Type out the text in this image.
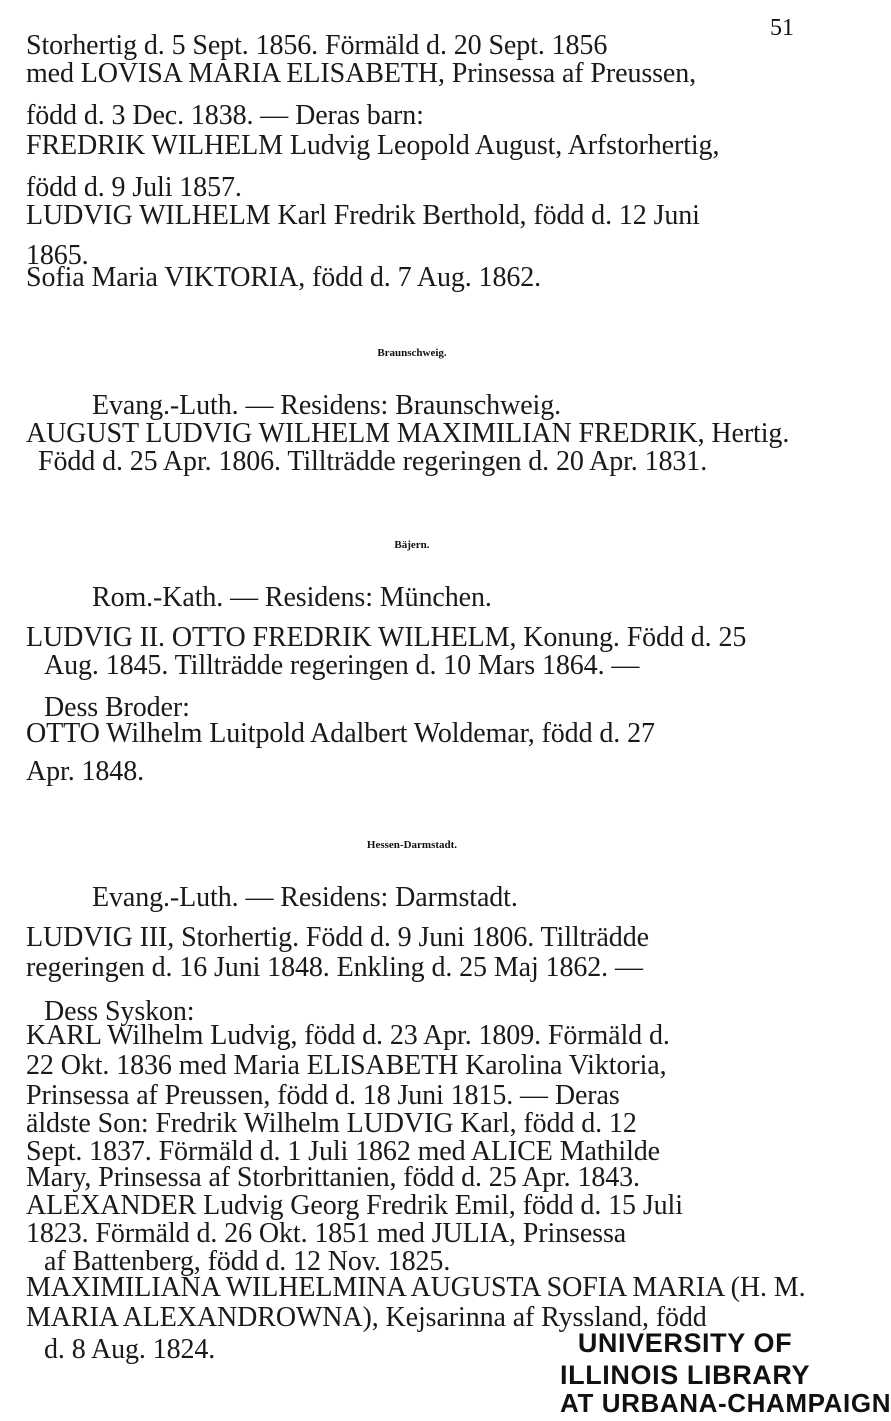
51
Storhertig d. 5 Sept. 1856. Förmäld d. 20 Sept. 1856
med LOVISA MARIA ELISABETH, Prinsessa af Preussen,
född d. 3 Dec. 1838. — Deras barn:
FREDRIK WILHELM Ludvig Leopold August, Arfstorhertig,
född d. 9 Juli 1857.
LUDVIG WILHELM Karl Fredrik Berthold, född d. 12 Juni
1865.
Sofia Maria VIKTORIA, född d. 7 Aug. 1862.
Braunschweig.
Evang.-Luth. — Residens: Braunschweig.
AUGUST LUDVIG WILHELM MAXIMILIAN FREDRIK, Hertig.
Född d. 25 Apr. 1806. Tillträdde regeringen d. 20 Apr. 1831.
Bäjern.
Rom.-Kath. — Residens: München.
LUDVIG II. OTTO FREDRIK WILHELM, Konung. Född d. 25
Aug. 1845. Tillträdde regeringen d. 10 Mars 1864. —
Dess Broder:
OTTO Wilhelm Luitpold Adalbert Woldemar, född d. 27
Apr. 1848.
Hessen-Darmstadt.
Evang.-Luth. — Residens: Darmstadt.
LUDVIG III, Storhertig. Född d. 9 Juni 1806. Tillträdde
regeringen d. 16 Juni 1848. Enkling d. 25 Maj 1862. —
Dess Syskon:
KARL Wilhelm Ludvig, född d. 23 Apr. 1809. Förmäld d.
22 Okt. 1836 med Maria ELISABETH Karolina Viktoria,
Prinsessa af Preussen, född d. 18 Juni 1815. — Deras
äldste Son: Fredrik Wilhelm LUDVIG Karl, född d. 12
Sept. 1837. Förmäld d. 1 Juli 1862 med ALICE Mathilde
Mary, Prinsessa af Storbrittanien, född d. 25 Apr. 1843.
ALEXANDER Ludvig Georg Fredrik Emil, född d. 15 Juli
1823. Förmäld d. 26 Okt. 1851 med JULIA, Prinsessa
af Battenberg, född d. 12 Nov. 1825.
MAXIMILIANA WILHELMINA AUGUSTA SOFIA MARIA (H. M.
MARIA ALEXANDROWNA), Kejsarinna af Ryssland, född
d. 8 Aug. 1824.	UNIVERSITY OF
ILLINOIS LIBRARY
AT URBANA-CHAMPAIGN
